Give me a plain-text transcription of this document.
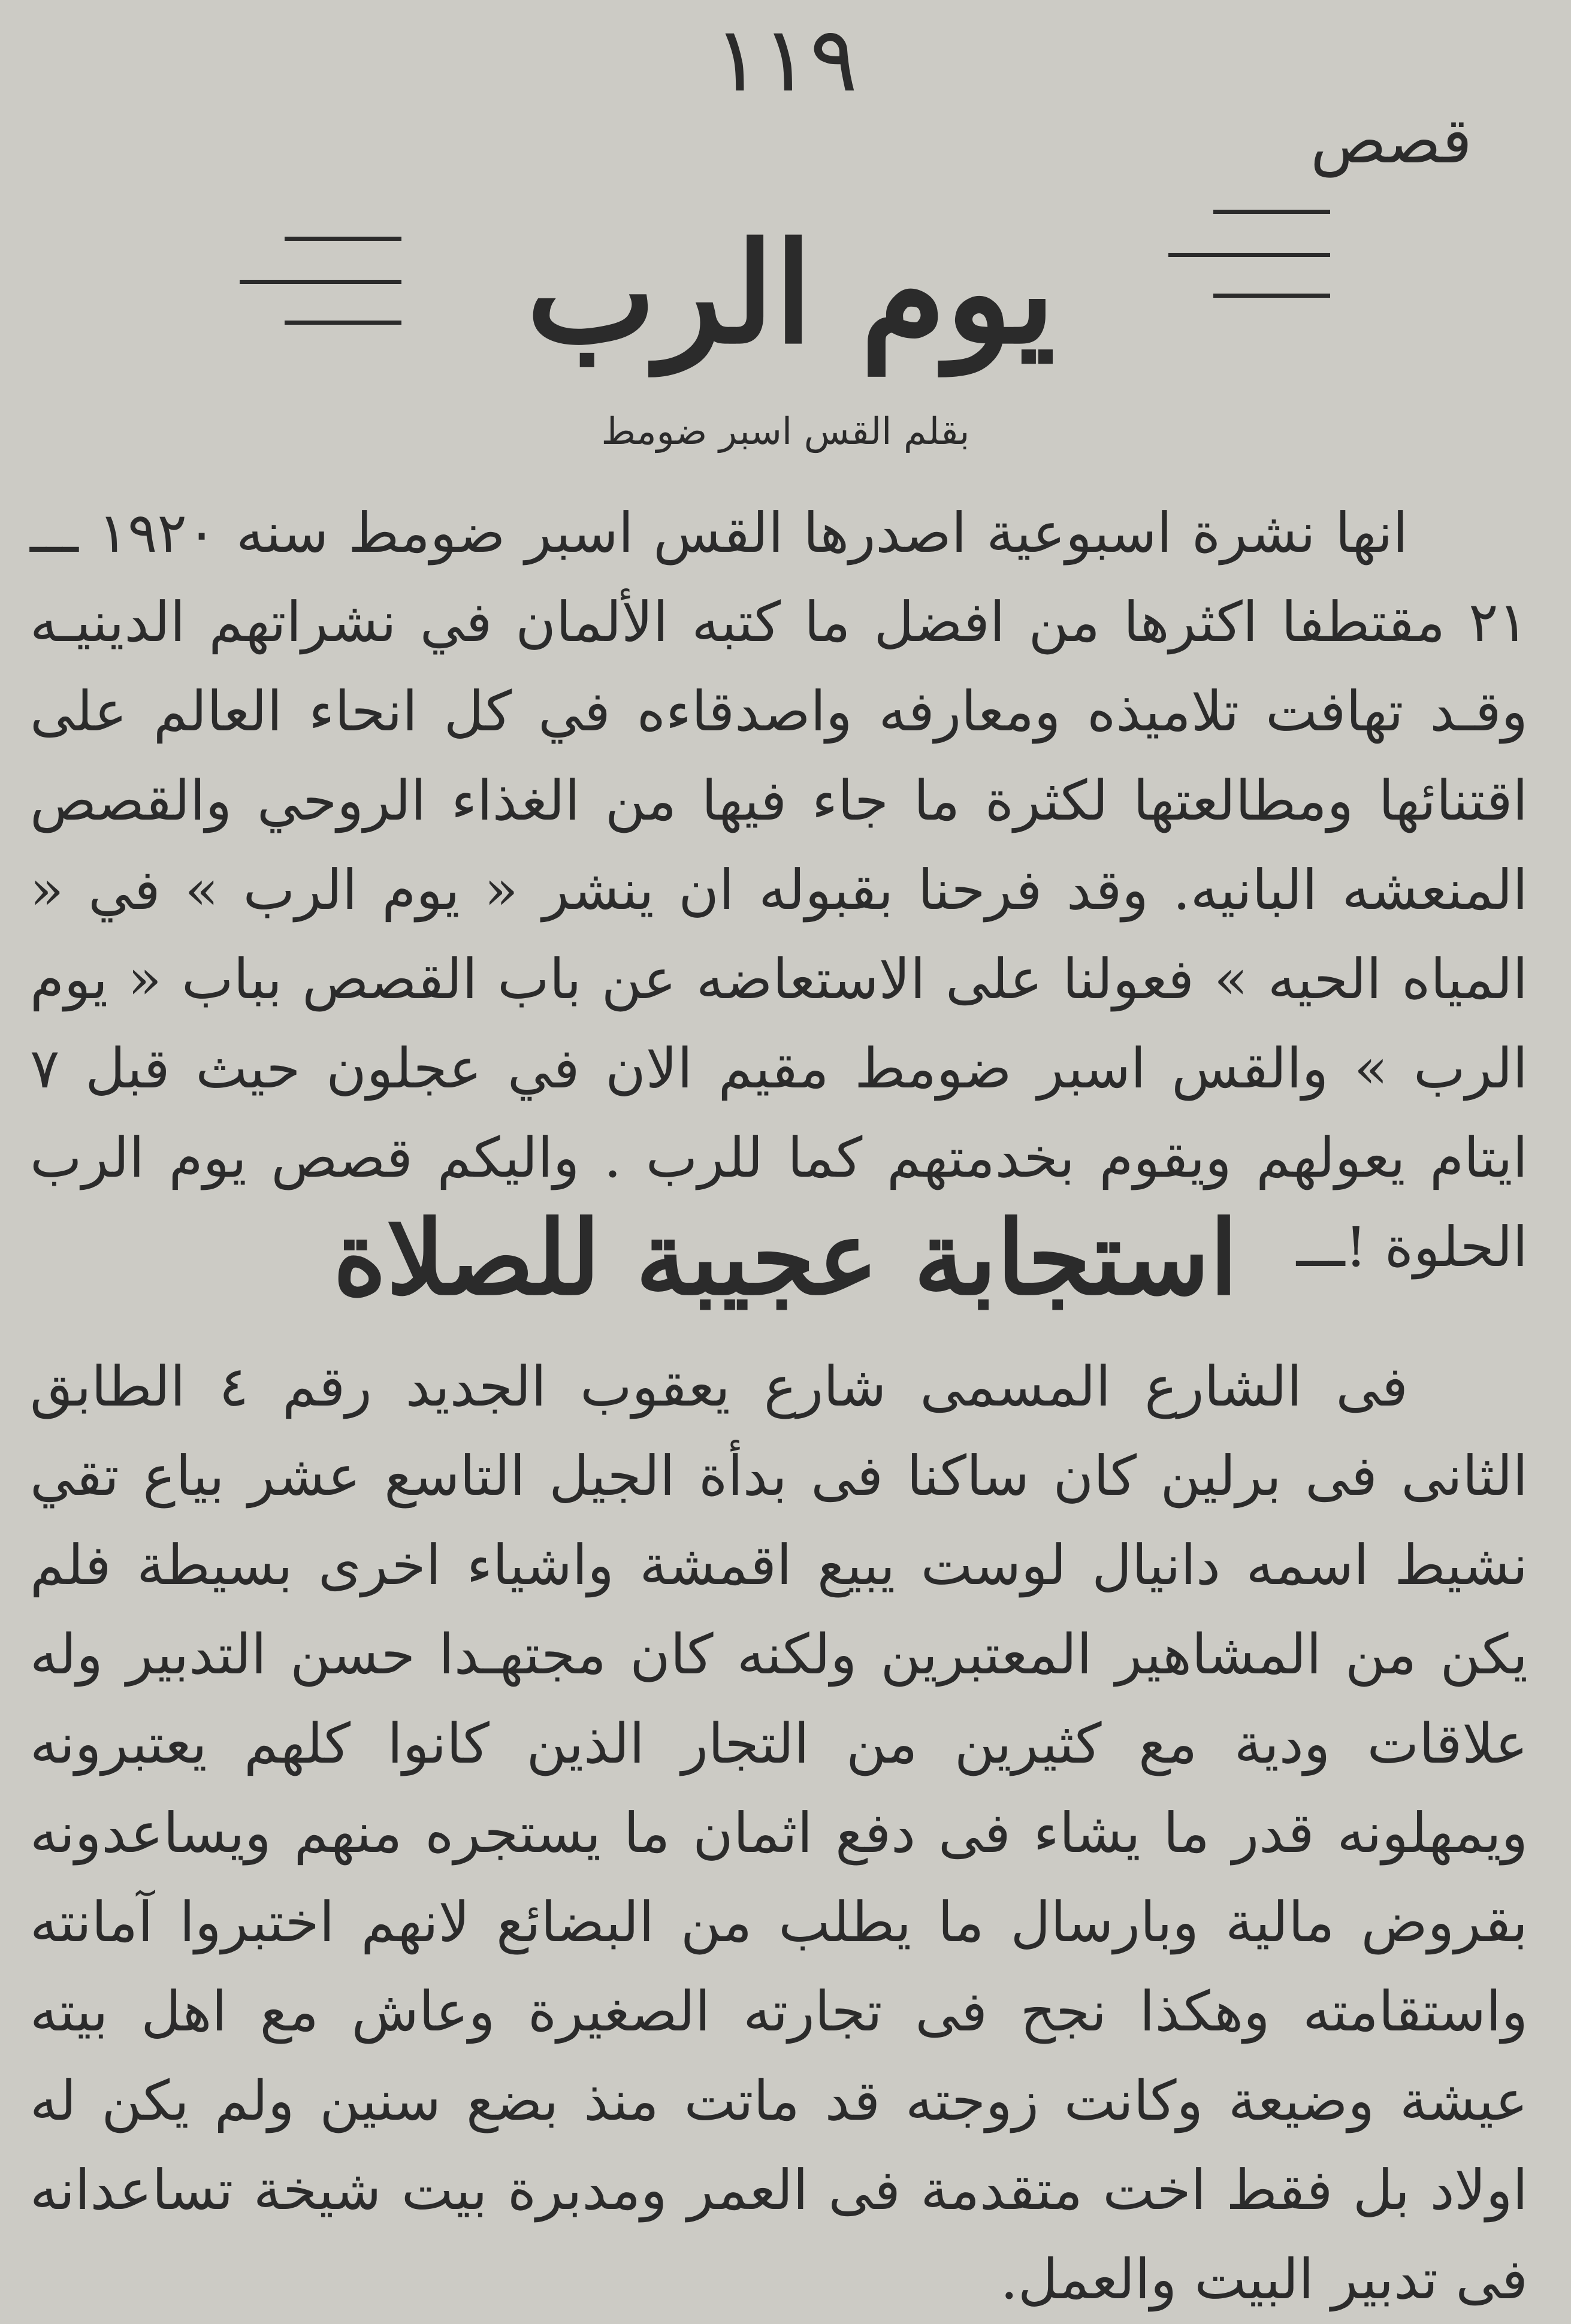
١١٩
قصص
يوم الرب
بقلم القس اسبر ضومط

انها نشرة اسبوعية اصدرها القس اسبر ضومط سنه ١٩٢٠ ـــ ٢١ مقتطفا اكثرها من افضل ما كتبه الألمان في نشراتهم الدينيـه وقـد تهافت تلاميذه ومعارفه واصدقاءه في كل انحاء العالم على اقتنائها ومطالعتها لكثرة ما جاء فيها من الغذاء الروحي والقصص المنعشه البانيه. وقد فرحنا بقبوله ان ينشر « يوم الرب » في « المياه الحيه » فعولنا على الاستعاضه عن باب القصص بباب « يوم الرب » والقس اسبر ضومط مقيم الان في عجلون حيث قبل ٧ ايتام يعولهم ويقوم بخدمتهم كما للرب . واليكم قصص يوم الرب الحلوة !ـــ

استجابة عجيبة للصلاة

فى الشارع المسمى شارع يعقوب الجديد رقم ٤ الطابق الثانى فى برلين كان ساكنا فى بدأة الجيل التاسع عشر بياع تقي نشيط اسمه دانيال لوست يبيع اقمشة واشياء اخرى بسيطة فلم يكن من المشاهير المعتبرين ولكنه كان مجتهـدا حسن التدبير وله علاقات ودية مع كثيرين من التجار الذين كانوا كلهم يعتبرونه ويمهلونه قدر ما يشاء فى دفع اثمان ما يستجره منهم ويساعدونه بقروض مالية وبارسال ما يطلب من البضائع لانهم اختبروا آمانته واستقامته وهكذا نجح فى تجارته الصغيرة وعاش مع اهل بيته عيشة وضيعة وكانت زوجته قد ماتت منذ بضع سنين ولم يكن له اولاد بل فقط اخت متقدمة فى العمر ومدبرة بيت شيخة تساعدانه فى تدبير البيت والعمل.
